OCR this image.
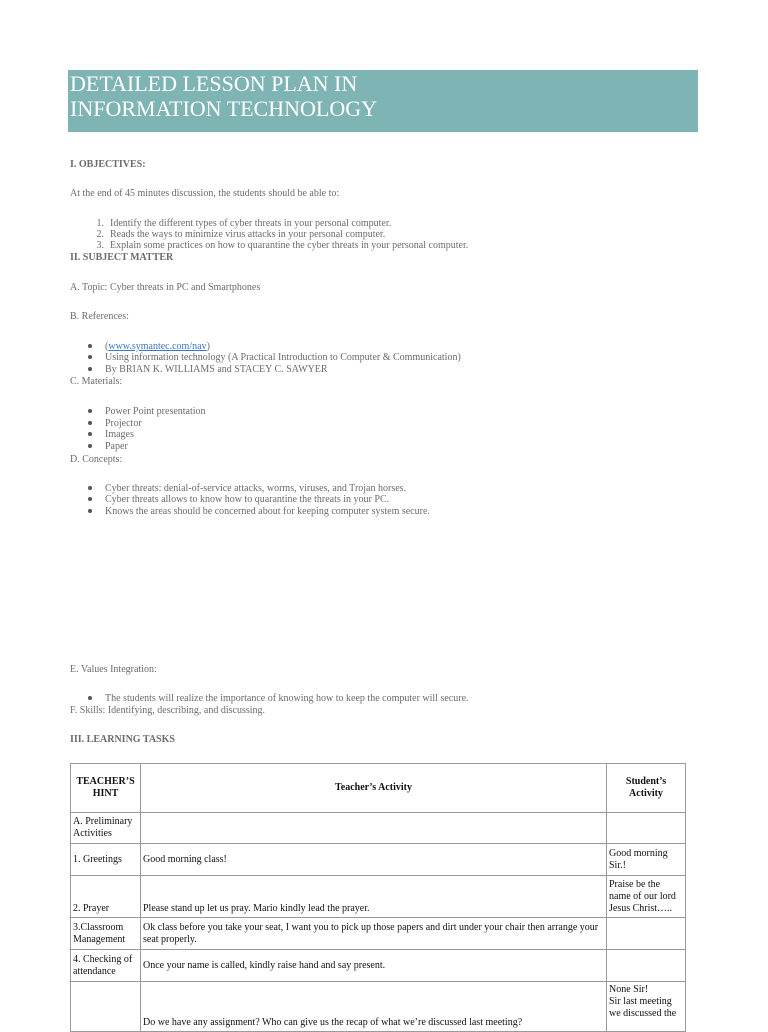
DETAILED LESSON PLAN IN
INFORMATION TECHNOLOGY
I. OBJECTIVES:
At the end of 45 minutes discussion, the students should be able to:
1. Identify the different types of cyber threats in your personal computer.
2. Reads the ways to minimize virus attacks in your personal computer.
3. Explain some practices on how to quarantine the cyber threats in your personal computer.
II. SUBJECT MATTER
A. Topic: Cyber threats in PC and Smartphones
B. References:
(www.symantec.com/nav)
Using information technology (A Practical Introduction to Computer & Communication)
By BRIAN K. WILLIAMS and STACEY C. SAWYER
C. Materials:
Power Point presentation
Projector
Images
Paper
D. Concepts:
Cyber threats: denial-of-service attacks, worms, viruses, and Trojan horses.
Cyber threats allows to know how to quarantine the threats in your PC.
Knows the areas should be concerned about for keeping computer system secure.
E. Values Integration:
The students will realize the importance of knowing how to keep the computer will secure.
F. Skills: Identifying, describing, and discussing.
III. LEARNING TASKS
TEACHER’S HINT	Teacher’s Activity	Student’s Activity
A. Preliminary Activities		
1. Greetings	Good morning class!	Good morning Sir.!
2. Prayer	Please stand up let us pray. Mario kindly lead the prayer.	Praise be the name of our lord Jesus Christ…..
3.Classroom Management	Ok class before you take your seat, I want you to pick up those papers and dirt under your chair then arrange your seat properly.	
4. Checking of attendance	Once your name is called, kindly raise hand and say present.	
	Do we have any assignment? Who can give us the recap of what we’re discussed last meeting?	None Sir!
Sir last meeting we discussed the
